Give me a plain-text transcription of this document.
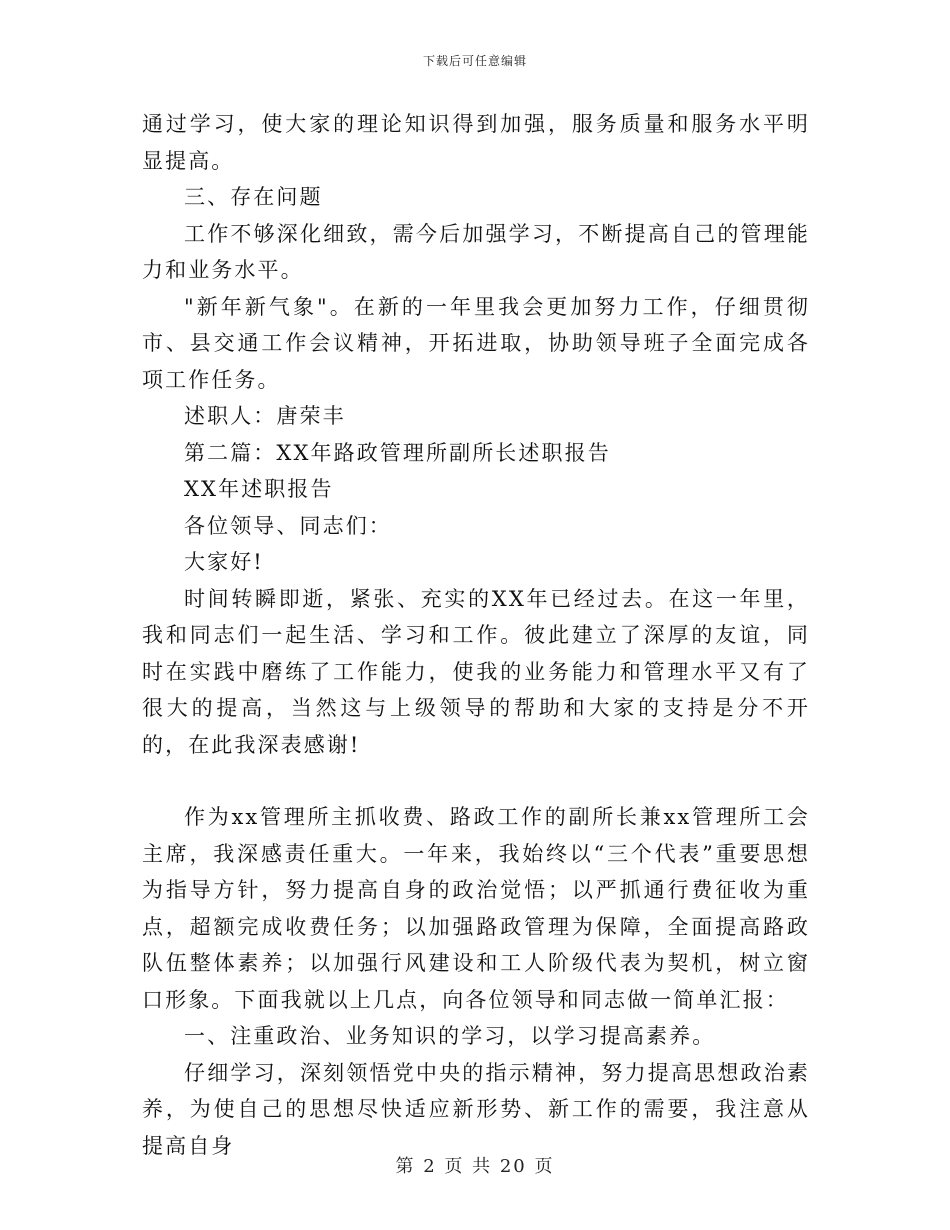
下载后可任意编辑

通过学习，使大家的理论知识得到加强，服务质量和服务水平明显提高。

三、存在问题

工作不够深化细致，需今后加强学习，不断提高自己的管理能力和业务水平。

"新年新气象"。在新的一年里我会更加努力工作，仔细贯彻市、县交通工作会议精神，开拓进取，协助领导班子全面完成各项工作任务。

述职人：唐荣丰

第二篇：XX年路政管理所副所长述职报告

XX年述职报告

各位领导、同志们：

大家好!

时间转瞬即逝，紧张、充实的XX年已经过去。在这一年里，我和同志们一起生活、学习和工作。彼此建立了深厚的友谊，同时在实践中磨练了工作能力，使我的业务能力和管理水平又有了很大的提高，当然这与上级领导的帮助和大家的支持是分不开的，在此我深表感谢!

作为xx管理所主抓收费、路政工作的副所长兼xx管理所工会主席，我深感责任重大。一年来，我始终以“三个代表”重要思想为指导方针，努力提高自身的政治觉悟；以严抓通行费征收为重点，超额完成收费任务；以加强路政管理为保障，全面提高路政队伍整体素养；以加强行风建设和工人阶级代表为契机，树立窗口形象。下面我就以上几点，向各位领导和同志做一简单汇报：

一、注重政治、业务知识的学习，以学习提高素养。

仔细学习，深刻领悟党中央的指示精神，努力提高思想政治素养，为使自己的思想尽快适应新形势、新工作的需要，我注意从提高自身

第 2 页 共 20 页
